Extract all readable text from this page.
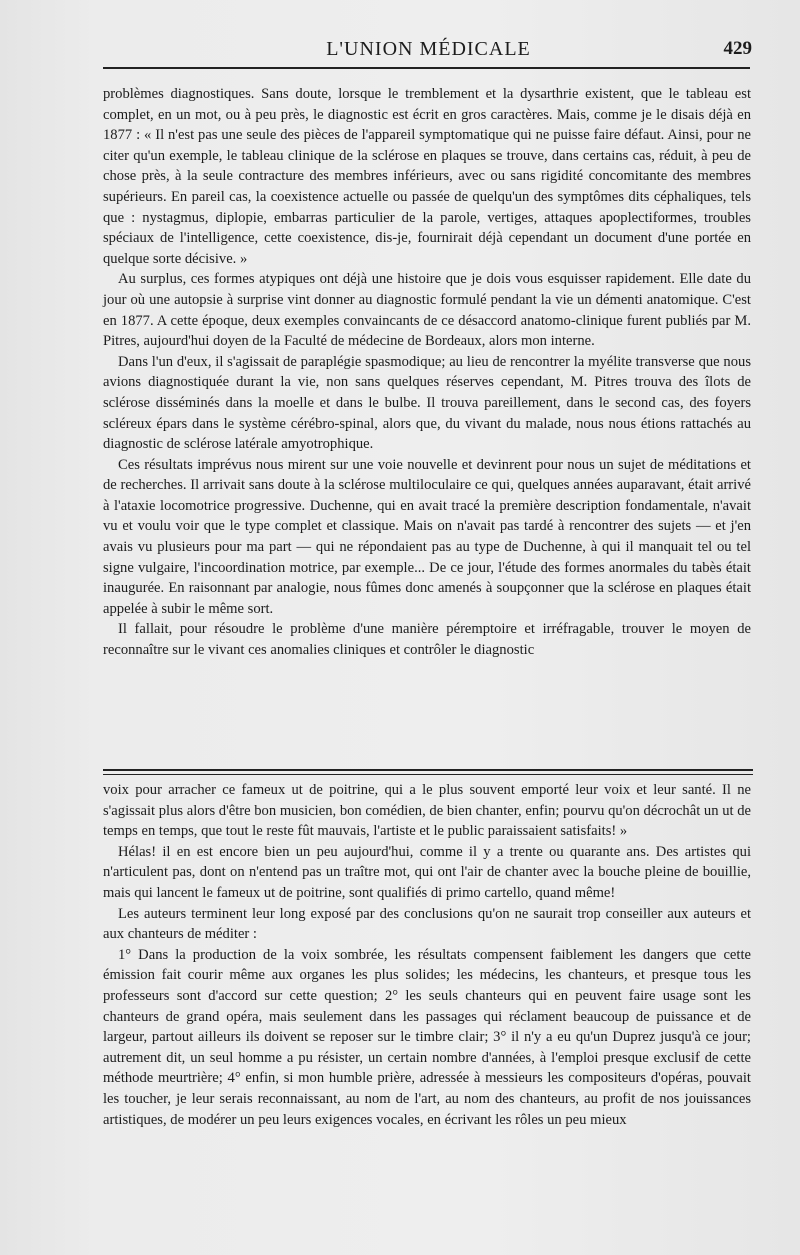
L'UNION MÉDICALE	429

problèmes diagnostiques. Sans doute, lorsque le tremblement et la dysarthrie existent, que le tableau est complet, en un mot, ou à peu près, le diagnostic est écrit en gros caractères. Mais, comme je le disais déjà en 1877 : « Il n'est pas une seule des pièces de l'appareil symptomatique qui ne puisse faire défaut. Ainsi, pour ne citer qu'un exemple, le tableau clinique de la sclérose en plaques se trouve, dans certains cas, réduit, à peu de chose près, à la seule contracture des membres inférieurs, avec ou sans rigidité concomitante des membres supérieurs. En pareil cas, la coexistence actuelle ou passée de quelqu'un des symptômes dits céphaliques, tels que : nystagmus, diplopie, embarras particulier de la parole, vertiges, attaques apoplectiformes, troubles spéciaux de l'intelligence, cette coexistence, dis-je, fournirait déjà cependant un document d'une portée en quelque sorte décisive. »

Au surplus, ces formes atypiques ont déjà une histoire que je dois vous esquisser rapidement. Elle date du jour où une autopsie à surprise vint donner au diagnostic formulé pendant la vie un démenti anatomique. C'est en 1877. A cette époque, deux exemples convaincants de ce désaccord anatomo-clinique furent publiés par M. Pitres, aujourd'hui doyen de la Faculté de médecine de Bordeaux, alors mon interne.

Dans l'un d'eux, il s'agissait de paraplégie spasmodique; au lieu de rencontrer la myélite transverse que nous avions diagnostiquée durant la vie, non sans quelques réserves cependant, M. Pitres trouva des îlots de sclérose disséminés dans la moelle et dans le bulbe. Il trouva pareillement, dans le second cas, des foyers scléreux épars dans le système cérébro-spinal, alors que, du vivant du malade, nous nous étions rattachés au diagnostic de sclérose latérale amyotrophique.

Ces résultats imprévus nous mirent sur une voie nouvelle et devinrent pour nous un sujet de méditations et de recherches. Il arrivait sans doute à la sclérose multiloculaire ce qui, quelques années auparavant, était arrivé à l'ataxie locomotrice progressive. Duchenne, qui en avait tracé la première description fondamentale, n'avait vu et voulu voir que le type complet et classique. Mais on n'avait pas tardé à rencontrer des sujets — et j'en avais vu plusieurs pour ma part — qui ne répondaient pas au type de Duchenne, à qui il manquait tel ou tel signe vulgaire, l'incoordination motrice, par exemple... De ce jour, l'étude des formes anormales du tabès était inaugurée. En raisonnant par analogie, nous fûmes donc amenés à soupçonner que la sclérose en plaques était appelée à subir le même sort.

Il fallait, pour résoudre le problème d'une manière péremptoire et irréfragable, trouver le moyen de reconnaître sur le vivant ces anomalies cliniques et contrôler le diagnostic

voix pour arracher ce fameux ut de poitrine, qui a le plus souvent emporté leur voix et leur santé. Il ne s'agissait plus alors d'être bon musicien, bon comédien, de bien chanter, enfin; pourvu qu'on décrochât un ut de temps en temps, que tout le reste fût mauvais, l'artiste et le public paraissaient satisfaits! »

Hélas! il en est encore bien un peu aujourd'hui, comme il y a trente ou quarante ans. Des artistes qui n'articulent pas, dont on n'entend pas un traître mot, qui ont l'air de chanter avec la bouche pleine de bouillie, mais qui lancent le fameux ut de poitrine, sont qualifiés di primo cartello, quand même!

Les auteurs terminent leur long exposé par des conclusions qu'on ne saurait trop conseiller aux auteurs et aux chanteurs de méditer :

1° Dans la production de la voix sombrée, les résultats compensent faiblement les dangers que cette émission fait courir même aux organes les plus solides; les médecins, les chanteurs, et presque tous les professeurs sont d'accord sur cette question; 2° les seuls chanteurs qui en peuvent faire usage sont les chanteurs de grand opéra, mais seulement dans les passages qui réclament beaucoup de puissance et de largeur, partout ailleurs ils doivent se reposer sur le timbre clair; 3° il n'y a eu qu'un Duprez jusqu'à ce jour; autrement dit, un seul homme a pu résister, un certain nombre d'années, à l'emploi presque exclusif de cette méthode meurtrière; 4° enfin, si mon humble prière, adressée à messieurs les compositeurs d'opéras, pouvait les toucher, je leur serais reconnaissant, au nom de l'art, au nom des chanteurs, au profit de nos jouissances artistiques, de modérer un peu leurs exigences vocales, en écrivant les rôles un peu mieux
